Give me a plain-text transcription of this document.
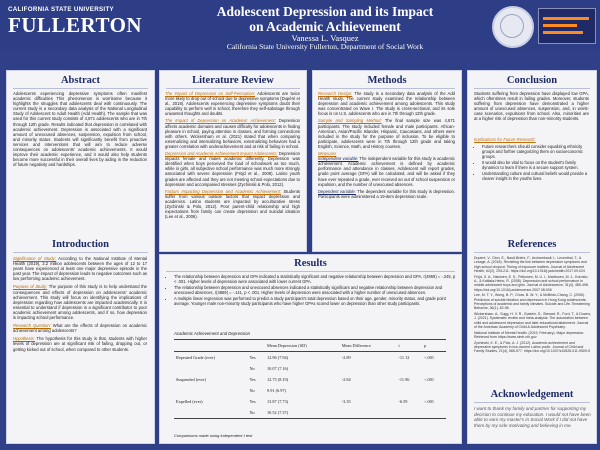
CALIFORNIA STATE UNIVERSITY
FULLERTON
Adolescent Depression and its Impact
on Academic Achievement
Vanessa L. Vasquez
California State University Fullerton, Department of Social Work
Abstract
Adolescents experiencing depressive symptoms often manifest academic difficulties This phenomenon is worrisome because it highlights the struggles that adolescents deal with continuously. The current study is a secondary data analysis of the National Longitudinal Study of Adolescent to Adult Health (Add Health). The sample that was used for this current study consists of 4,871 adolescents who are in 7th through 12th grade. Results indicated that depression is correlated with academic achievement. Depression is associated with a significant amount of unexcused absences, suspension, expulsion from school, and minority status. Students will significantly benefit from proactive services and interventions that will aim to reduce adverse consequences on adolescents' academic achievements. It would improve their academic experience, and it would also help students become more successful in their overall lives by aiding in the reduction of future negativity and hardships.
Introduction

Significance of Study: According to the National Institute of Mental Health (2019), 3.2 million adolescents between the ages of 12 to 17 years have experienced at least one major depressive episode in the past year. The impact of depression leads to negative outcomes such as low performing academic achievement.

Purpose of Study: The purpose of this study is to help understand the consequences and effects of depression on adolescents' academic achievement. This study will focus on identifying the implications of depression regarding how adolescents are impacted academically. It is essential to understand if depression is a significant contributor to poor academic achievement among adolescents, and if so, how depression is impacting school performance.

Research Question: What are the effects of depression on academic achievement among adolescents?

Hypothesis: The hypothesis for this study is that, students with higher levels of depression are at significant risk of failing, dropping out, or getting kicked out of school, when compared to other students.

Literature Review

The Impact of Depression on Self-Perception: Adolescents are twice more likely to drop out of school due to depressive symptoms (Dupéré et al., 2018). Adolescents experiencing depressive symptoms doubt their capability to perform well in school, therefore they self-sabotage through unwanted thoughts and doubts.

The Impact of Depression on Academic Achievement: Depression affects academic domains and causes difficulty for adolescents in finding pleasure in school, paying attention in classes, and forming connections with others. Wickersham et al. (2021) stated that when comparing externalizing and internalizing behaviors, externalizing behaviors had a greater correlation with underachievement and at risk of failing in school.

Depression and Academic Achievement Impact Adolescents: Depression impacts female and males academic differently. Depression was identified when boys perceived the load of schoolwork as too much, while in girls, all subjective school performance was much more strongly associated with severe depression (Fröjd et al., 2008). Latino youth grades are affected and they are not meeting school expectations due to depression and accompanied stresses (Zychinski & Polo, 2012).

Factors Impacting Depression and Academic Achievement: Students suffer from various outside factors that impact depression and academics. Latino students are impacted by acculturative stress (Zychinski & Polo, 2012). Poor parent-child relationship and high expectations from family can create depression and suicidal ideation (Lee et al., 2006).

Methods

Research Design: The study is a secondary data analysis of the Add Health study. The current study examined the relationship between depression and academic achievement among adolescents. This study was concentrated on Wave I. The study is cross-sectional, and its sole focus is on U.S. adolescents who are in 7th through 12th grade.

Sample and Sampling Method: The final sample size was 4,871 participants. The study included female and male participants. African-American, Asian/Pacific Islander, Hispanic, Caucasians, and others were included in the study for the purpose of inclusion. To be eligible to participate, adolescents were in 7th through 12th grade and taking English, Science, Math, and History courses.

Measures

Independent variable: The independent variable for this study is academic achievement. Academic achievement is defined by academic performance and attendance in classes. Adolescent will report grades, grade point average (GPA) will be calculated, and will be asked if they have ever repeated a grade, ever received an out of school suspension or expulsion, and the number of unexcused absences.

Dependent variable: The dependent variable for this study is depression. Participants were administered a 19-item depression scale.

Results
• The relationship between depression and GPA indicated a statistically significant and negative relationship between depression and GPA, r(4869) = -.245, p < .001. Higher levels of depression were associated with lower current GPA.
• The relationship between depression and unexcused absences indicated a statistically significant and negative relationship between depression and unexcused absences, r(4869) = -.141, p < .001. Higher levels of depression were associated with a higher number of unexcused absences.
• A multiple linear regression was performed to predict a study participant's total depression based on their age, gender, minority status, and grade point average. Younger male non-minority study participants who have higher GPAs scored lower on depression than other study participants.
Academic Achievement and Depression
		Mean Depression (SD)	Mean Difference	t	p
Repeated Grade (ever)	Yes	12.96 (7.94)	-2.89	-11.12	<.001
	No	10.07 (7.16)			
Suspended (ever)	Yes	12.75 (8.19)	-2.84	-11.96	<.001
	No	9.91 (6.97)			
Expelled (ever)	Yes	13.87 (7.73)	-3.35	-6.59	<.001
	No	10.52 (7.37)			
Comparisons made using independent t test
Conclusion
Students suffering from depression have displayed low GPA, which oftentimes result in failing grades. Moreover, students suffering from depression have demonstrated a higher amount of unexcused absences, suspension, and, in worst-case scenarios, expulsions from school. Also, minorities are at a higher risk of depression than non-minority students.
Implications for Future Research:
• Future researchers should consider equalizing ethnicity groups and further categorizing them on socioeconomic groups.
• It would also be vital to focus on the student's family dynamics to learn if there is a secure support system.
• Understanding culture and cultural beliefs would provide a clearer insight in the youths lives.
References

Dupéré, V., Dion, E., Nault-Brière, F., Archambault, I., Leventhal, T., & Lesage, A. (2018). Revisiting the link between depression symptoms and high school dropout: Timing of exposure matters. Journal of Adolescent Health, 62(2), 205-211. https://doi.org/10.1016/j.jadohealth.2017.09.024

Fröjd, S. A., Nissinen, E. S., Pelkonen, M. U. I., Marttunen, M. J., Koivisto, A., & Kaltiala-Heino, R. (2008). Depression and school performance in middle adolescent boys and girls. Journal of Adolescence, 31(4), 485-498. https://doi.org/10.1016/j.adolescence.2007.08.006

Lee, M. T. Y., Wong, B. P., Chow, B. W. Y., & McBride-Chang, C. (2006). Predictors of suicide ideation and depression in Hong Kong adolescents: Perceptions of academic and family climates. Suicide and Life-Threatening Behavior, 36(1), 82-96.

Wickersham, A., Sugg, H. V. R., Epstein, S., Stewart, R., Ford, T., & Downs, J. (2021). Systematic review and meta-analysis: The association between child and adolescent depression and later educational attainment. Journal of the American Academy of Child & Adolescent Psychiatry.

National Institute of Mental Health. (2019, February). Major depression. Retrieved from https://www.nimh.nih.gov

Zychinski, K. E., & Polo, A. J. (2012). Academic achievement and depressive symptoms in low-income Latino youth. Journal of Child and Family Studies, 21(4), 565-577. https://doi.org/10.1007/s10826-011-9509-5

Acknowledgement
I want to thank my family and partner for supporting my decision to continue my education. I would not have been able to earn my master's in Social Work if I did not have them by my side motivating and believing in me.
